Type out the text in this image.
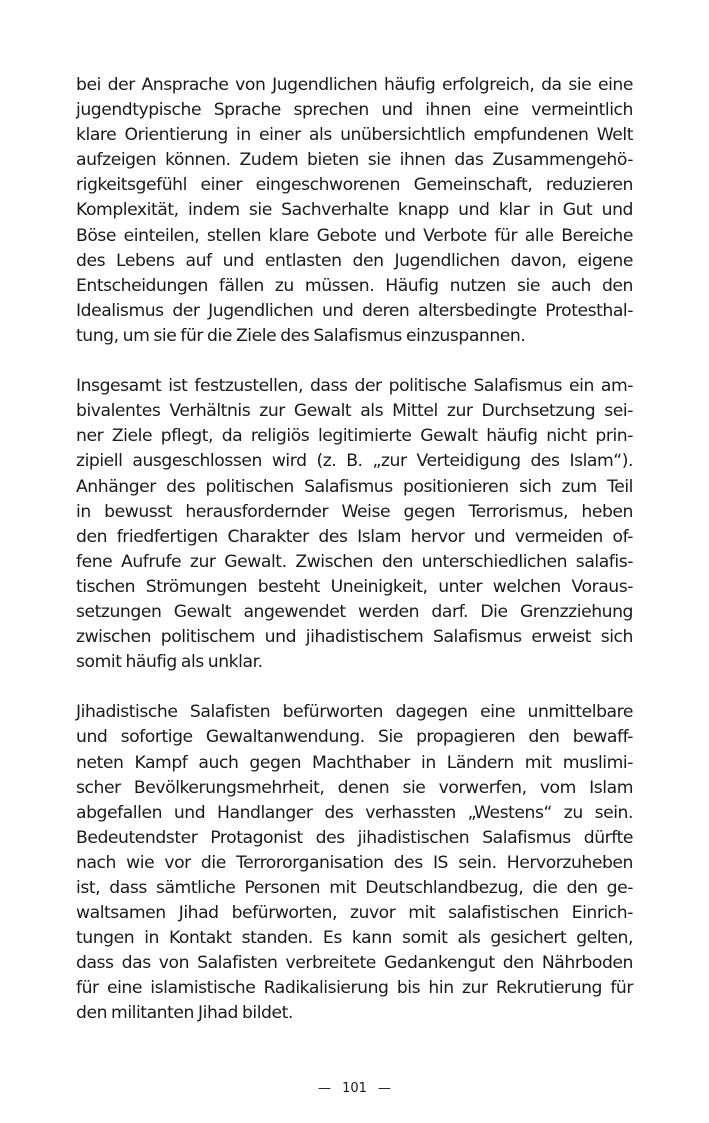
bei der Ansprache von Jugendlichen häufig erfolgreich, da sie eine
jugendtypische Sprache sprechen und ihnen eine vermeintlich
klare Orientierung in einer als unübersichtlich empfundenen Welt
aufzeigen können. Zudem bieten sie ihnen das Zusammengehö-
rigkeitsgefühl einer eingeschworenen Gemeinschaft, reduzieren
Komplexität, indem sie Sachverhalte knapp und klar in Gut und
Böse einteilen, stellen klare Gebote und Verbote für alle Bereiche
des Lebens auf und entlasten den Jugendlichen davon, eigene
Entscheidungen fällen zu müssen. Häufig nutzen sie auch den
Idealismus der Jugendlichen und deren altersbedingte Protesthal-
tung, um sie für die Ziele des Salafismus einzuspannen.
Insgesamt ist festzustellen, dass der politische Salafismus ein am-
bivalentes Verhältnis zur Gewalt als Mittel zur Durchsetzung sei-
ner Ziele pflegt, da religiös legitimierte Gewalt häufig nicht prin-
zipiell ausgeschlossen wird (z. B. „zur Verteidigung des Islam“).
Anhänger des politischen Salafismus positionieren sich zum Teil
in bewusst herausfordernder Weise gegen Terrorismus, heben
den friedfertigen Charakter des Islam hervor und vermeiden of-
fene Aufrufe zur Gewalt. Zwischen den unterschiedlichen salafis-
tischen Strömungen besteht Uneinigkeit, unter welchen Voraus-
setzungen Gewalt angewendet werden darf. Die Grenzziehung
zwischen politischem und jihadistischem Salafismus erweist sich
somit häufig als unklar.
Jihadistische Salafisten befürworten dagegen eine unmittelbare
und sofortige Gewaltanwendung. Sie propagieren den bewaff-
neten Kampf auch gegen Machthaber in Ländern mit muslimi-
scher Bevölkerungsmehrheit, denen sie vorwerfen, vom Islam
abgefallen und Handlanger des verhassten „Westens“ zu sein.
Bedeutendster Protagonist des jihadistischen Salafismus dürfte
nach wie vor die Terrororganisation des IS sein. Hervorzuheben
ist, dass sämtliche Personen mit Deutschlandbezug, die den ge-
waltsamen Jihad befürworten, zuvor mit salafistischen Einrich-
tungen in Kontakt standen. Es kann somit als gesichert gelten,
dass das von Salafisten verbreitete Gedankengut den Nährboden
für eine islamistische Radikalisierung bis hin zur Rekrutierung für
den militanten Jihad bildet.
— 101 —
